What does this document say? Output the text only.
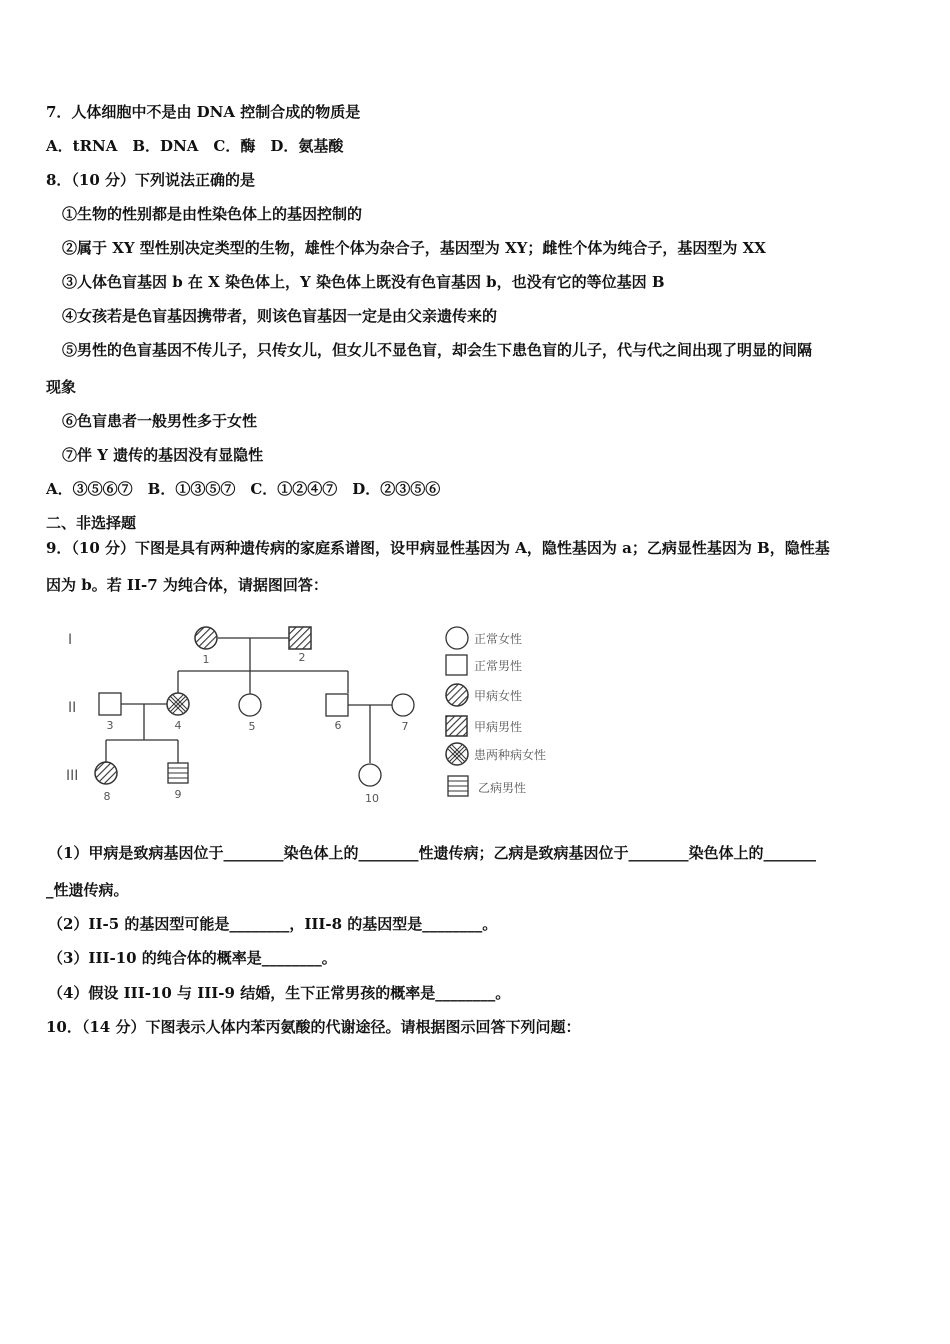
7．人体细胞中不是由 DNA 控制合成的物质是
A．tRNA　B．DNA　C．酶　D．氨基酸
8．（10 分）下列说法正确的是
①生物的性别都是由性染色体上的基因控制的
②属于 XY 型性别决定类型的生物，雄性个体为杂合子，基因型为 XY；雌性个体为纯合子，基因型为 XX
③人体色盲基因 b 在 X 染色体上，Y 染色体上既没有色盲基因 b，也没有它的等位基因 B
④女孩若是色盲基因携带者，则该色盲基因一定是由父亲遗传来的
⑤男性的色盲基因不传儿子，只传女儿，但女儿不显色盲，却会生下患色盲的儿子，代与代之间出现了明显的间隔
现象
⑥色盲患者一般男性多于女性
⑦伴 Y 遗传的基因没有显隐性
A．③⑤⑥⑦　B．①③⑤⑦　C．①②④⑦　D．②③⑤⑥
二、非选择题
9．（10 分）下图是具有两种遗传病的家庭系谱图，设甲病显性基因为 A，隐性基因为 a；乙病显性基因为 B，隐性基
因为 b。若 II-7 为纯合体，请据图回答：
I
II
III
1	2
3	4	5	6	7
8	9	10
正常女性
正常男性
甲病女性
甲病男性
患两种病女性
乙病男性
（1）甲病是致病基因位于________染色体上的________性遗传病；乙病是致病基因位于________染色体上的_______
_性遗传病。
（2）II-5 的基因型可能是________，III-8 的基因型是________。
（3）III-10 的纯合体的概率是________。
（4）假设 III-10 与 III-9 结婚，生下正常男孩的概率是________。
10．（14 分）下图表示人体内苯丙氨酸的代谢途径。请根据图示回答下列问题：
